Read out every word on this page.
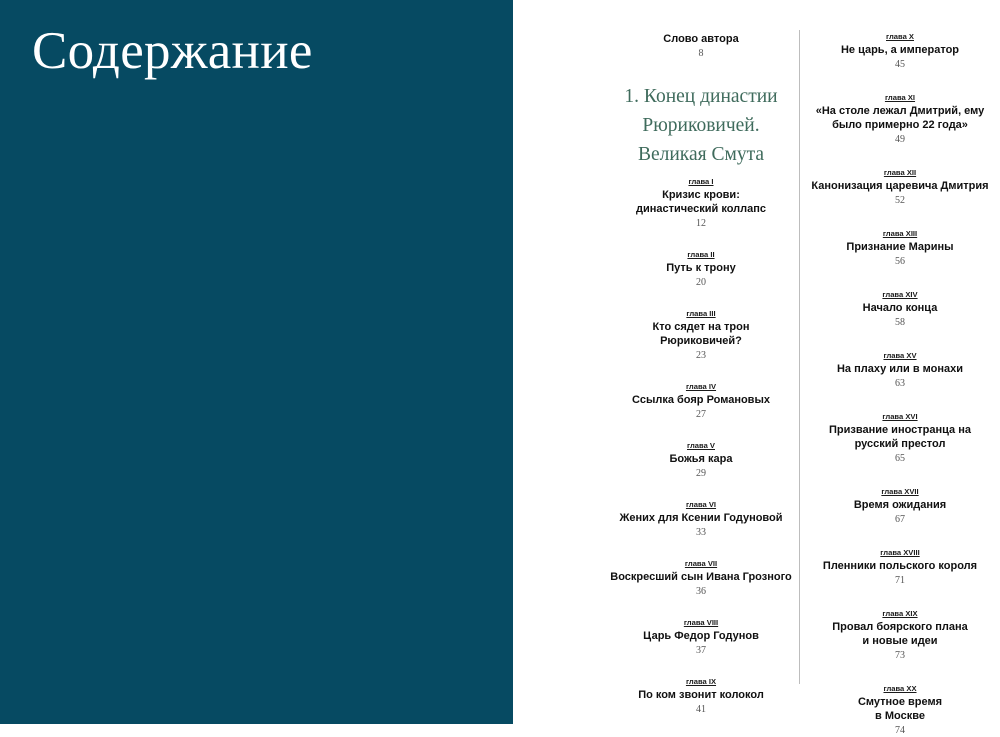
Содержание	Слово автора
8
1. Конец династии
Рюриковичей.
Великая Смута
глава I
Кризис крови:
династический коллапс
12
глава II
Путь к трону
20
глава III
Кто сядет на трон
Рюриковичей?
23
глава IV
Ссылка бояр Романовых
27
глава V
Божья кара
29
глава VI
Жених для Ксении Годуновой
33
глава VII
Воскресший сын Ивана Грозного
36
глава VIII
Царь Федор Годунов
37
глава IX
По ком звонит колокол
41
глава X
Не царь, а император
45
глава XI
«На столе лежал Дмитрий, ему
было примерно 22 года»
49
глава XII
Канонизация царевича Дмитрия
52
глава XIII
Признание Марины
56
глава XIV
Начало конца
58
глава XV
На плаху или в монахи
63
глава XVI
Призвание иностранца на
русский престол
65
глава XVII
Время ожидания
67
глава XVIII
Пленники польского короля
71
глава XIX
Провал боярского плана
и новые идеи
73
глава XX
Смутное время
в Москве
74
